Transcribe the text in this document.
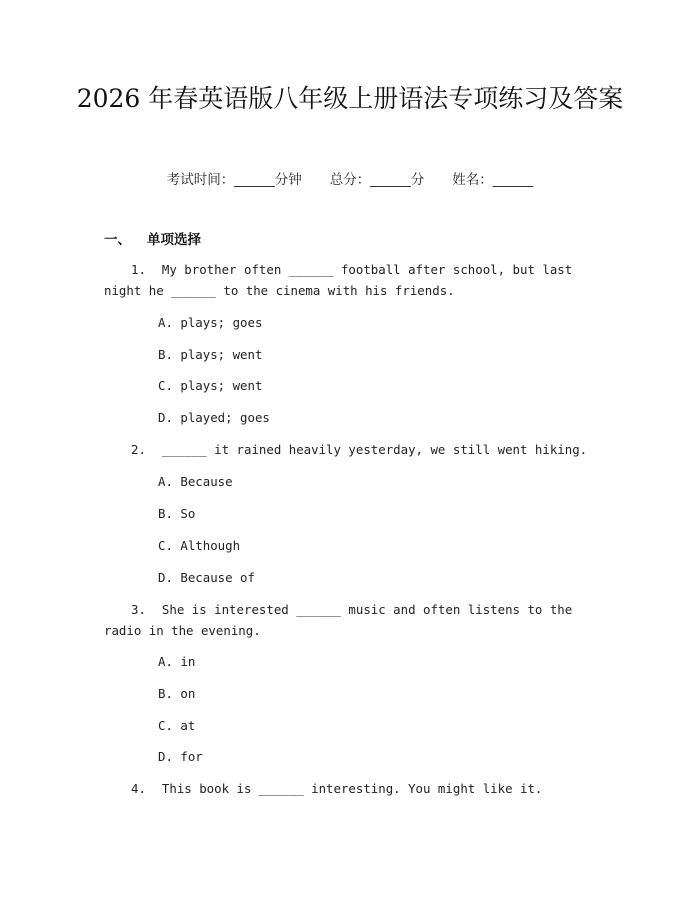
2026 年春英语版八年级上册语法专项练习及答案
考试时间：______分钟 总分：______分 姓名：______
一、 单项选择
1. My brother often ______ football after school, but last night he ______ to the cinema with his friends.
A. plays; goes
B. plays; went
C. plays; went
D. played; goes
2. ______ it rained heavily yesterday, we still went hiking.
A. Because
B. So
C. Although
D. Because of
3. She is interested ______ music and often listens to the radio in the evening.
A. in
B. on
C. at
D. for
4. This book is ______ interesting. You might like it.
